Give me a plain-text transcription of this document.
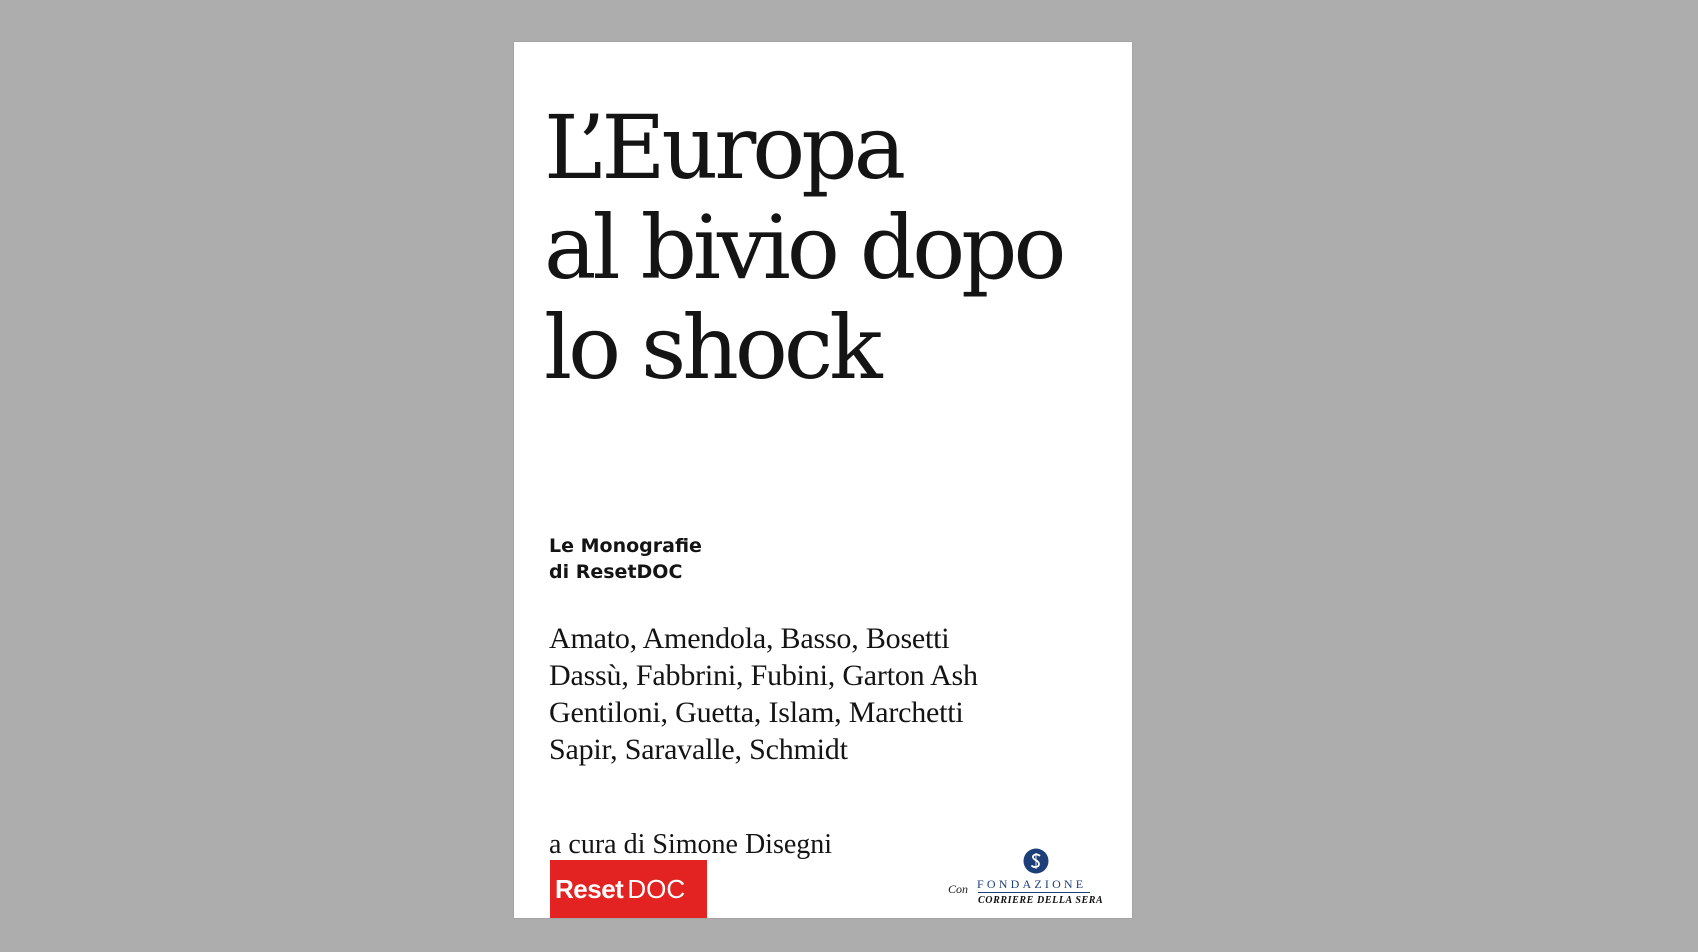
L’Europa
al bivio dopo
lo shock
Le Monografie
di ResetDOC
Amato, Amendola, Basso, Bosetti
Dassù, Fabbrini, Fubini, Garton Ash
Gentiloni, Guetta, Islam, Marchetti
Sapir, Saravalle, Schmidt
a cura di Simone Disegni
Reset DOC	Con FONDAZIONE
CORRIERE DELLA SERA
